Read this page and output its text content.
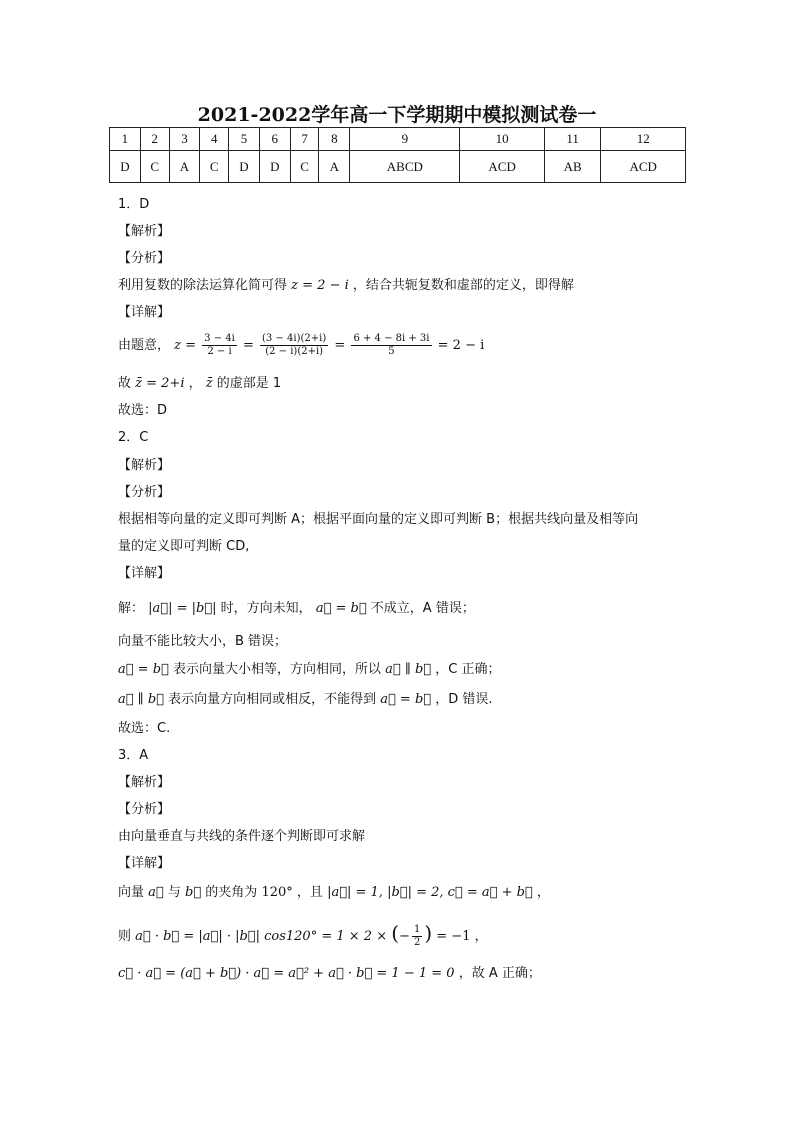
2021-2022学年高一下学期期中模拟测试卷一
1	2	3	4	5	6	7	8	9	10	11	12
D	C	A	C	D	D	C	A	ABCD	ACD	AB	ACD
1．D
【解析】
【分析】
利用复数的除法运算化简可得 z = 2 − i ，结合共轭复数和虚部的定义，即得解
【详解】
由题意， $z = \frac{3 - 4i}{2 - i} = \frac{(3 - 4i)(2+i)}{(2 - i)(2+i)} = \frac{6 + 4 - 8i + 3i}{5} = 2 - i$
故 z̄ = 2+i ， z̄ 的虚部是 1
故选：D
2．C
【解析】
【分析】
根据相等向量的定义即可判断 A；根据平面向量的定义即可判断 B；根据共线向量及相等向
量的定义即可判断 CD,
【详解】
解： |a⃗| = |b⃗| 时，方向未知， a⃗ = b⃗ 不成立，A 错误；
向量不能比较大小，B 错误；
a⃗ = b⃗ 表示向量大小相等，方向相同，所以 a⃗ ∥ b⃗ ，C 正确；
a⃗ ∥ b⃗ 表示向量方向相同或相反，不能得到 a⃗ = b⃗ ，D 错误.
故选：C.
3．A
【解析】
【分析】
由向量垂直与共线的条件逐个判断即可求解
【详解】
向量 a⃗ 与 b⃗ 的夹角为 120° ，且 |a⃗| = 1, |b⃗| = 2, c⃗ = a⃗ + b⃗ ，
则 a⃗ · b⃗ = |a⃗| · |b⃗| cos120° = 1 × 2 × (− $\frac{1}{2}$ ) = −1 ，
c⃗ · a⃗ = (a⃗ + b⃗) · a⃗ = a⃗² + a⃗ · b⃗ = 1 − 1 = 0 ，故 A 正确；
